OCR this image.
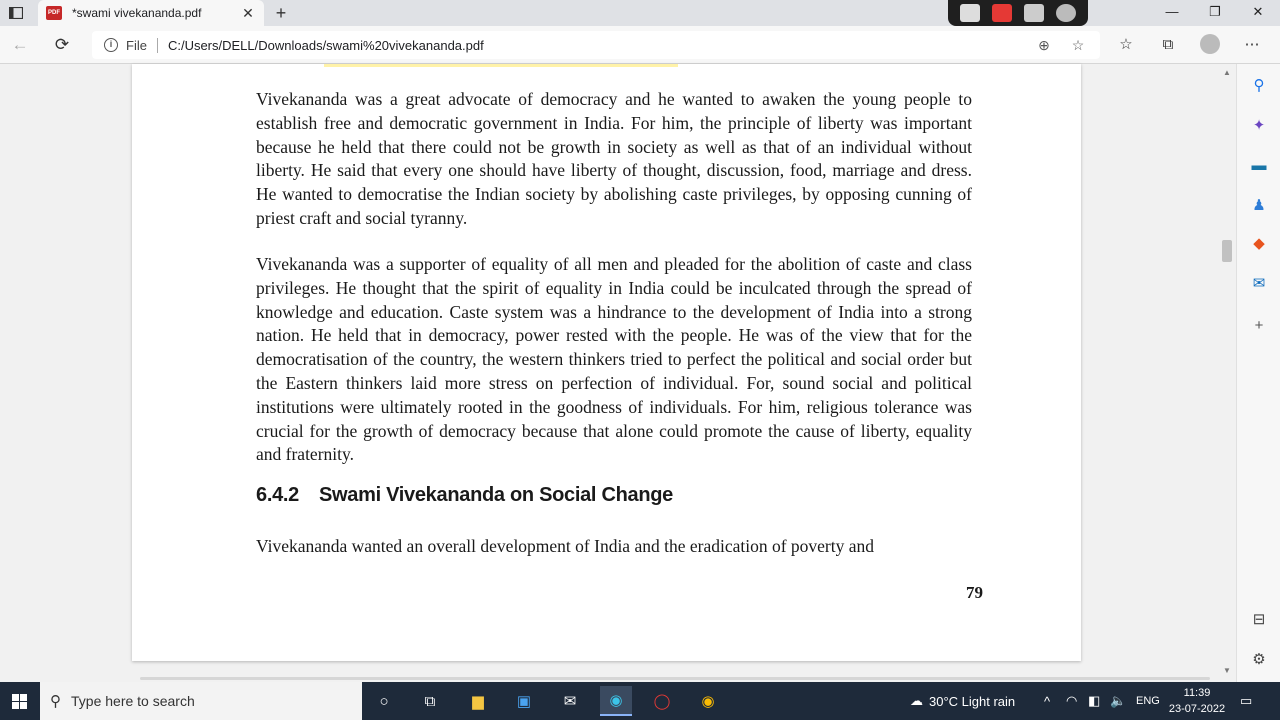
PDF *swami vivekananda.pdf	✕	+	—	❐	✕
← ⟳	i	File	C:/Users/DELL/Downloads/swami%20vivekananda.pdf	⊕ ☆	☆	⧉	⋯
Vivekananda was a great advocate of democracy and he wanted to awaken the young people to establish free and democratic government in India. For him, the principle of liberty was important because he held that there could not be growth in society as well as that of an individual without liberty. He said that every one should have liberty of thought, discussion, food, marriage and dress. He wanted to democratise the Indian society by abolishing caste privileges, by opposing cunning of priest craft and social tyranny.
Vivekananda was a supporter of equality of all men and pleaded for the abolition of caste and class privileges. He thought that the spirit of equality in India could be inculcated through the spread of knowledge and education. Caste system was a hindrance to the development of India into a strong nation. He held that in democracy, power rested with the people. He was of the view that for the democratisation of the country, the western thinkers tried to perfect the political and social order but the Eastern thinkers laid more stress on perfection of individual. For, sound social and political institutions were ultimately rooted in the goodness of individuals. For him, religious tolerance was crucial for the growth of democracy because that alone could promote the cause of liberty, equality and fraternity.
6.4.2 Swami Vivekananda on Social Change
Vivekananda wanted an overall development of India and the eradication of poverty and
79
▲
▼
⚲
✦
▬
♟
◆
✉
+
⊟
⚙
⚲ Type here to search	○	⧉	▆	▣	✉	◉	◯	◉	☁ 30°C Light rain ^ ◠ ◧ 🔈 ENG
11:39
23-07-2022
▭
